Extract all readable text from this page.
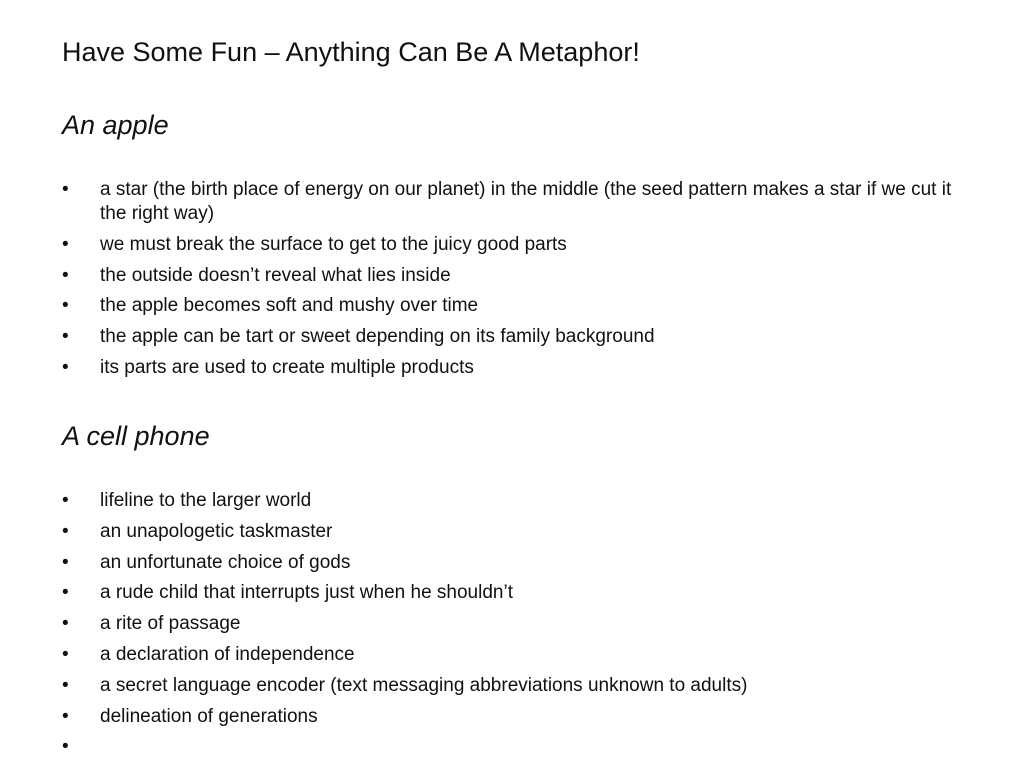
Have Some Fun – Anything Can Be A Metaphor!
An apple
•	a star (the birth place of energy on our planet) in the middle (the seed pattern makes a star if we cut it the right way)
•	we must break the surface to get to the juicy good parts
•	the outside doesn’t reveal what lies inside
•	the apple becomes soft and mushy over time
•	the apple can be tart or sweet depending on its family background
•	its parts are used to create multiple products
A cell phone
•	lifeline to the larger world
•	an unapologetic taskmaster
•	an unfortunate choice of gods
•	a rude child that interrupts just when he shouldn’t
•	a rite of passage
•	a declaration of independence
•	a secret language encoder (text messaging abbreviations unknown to adults)
•	delineation of generations
•
